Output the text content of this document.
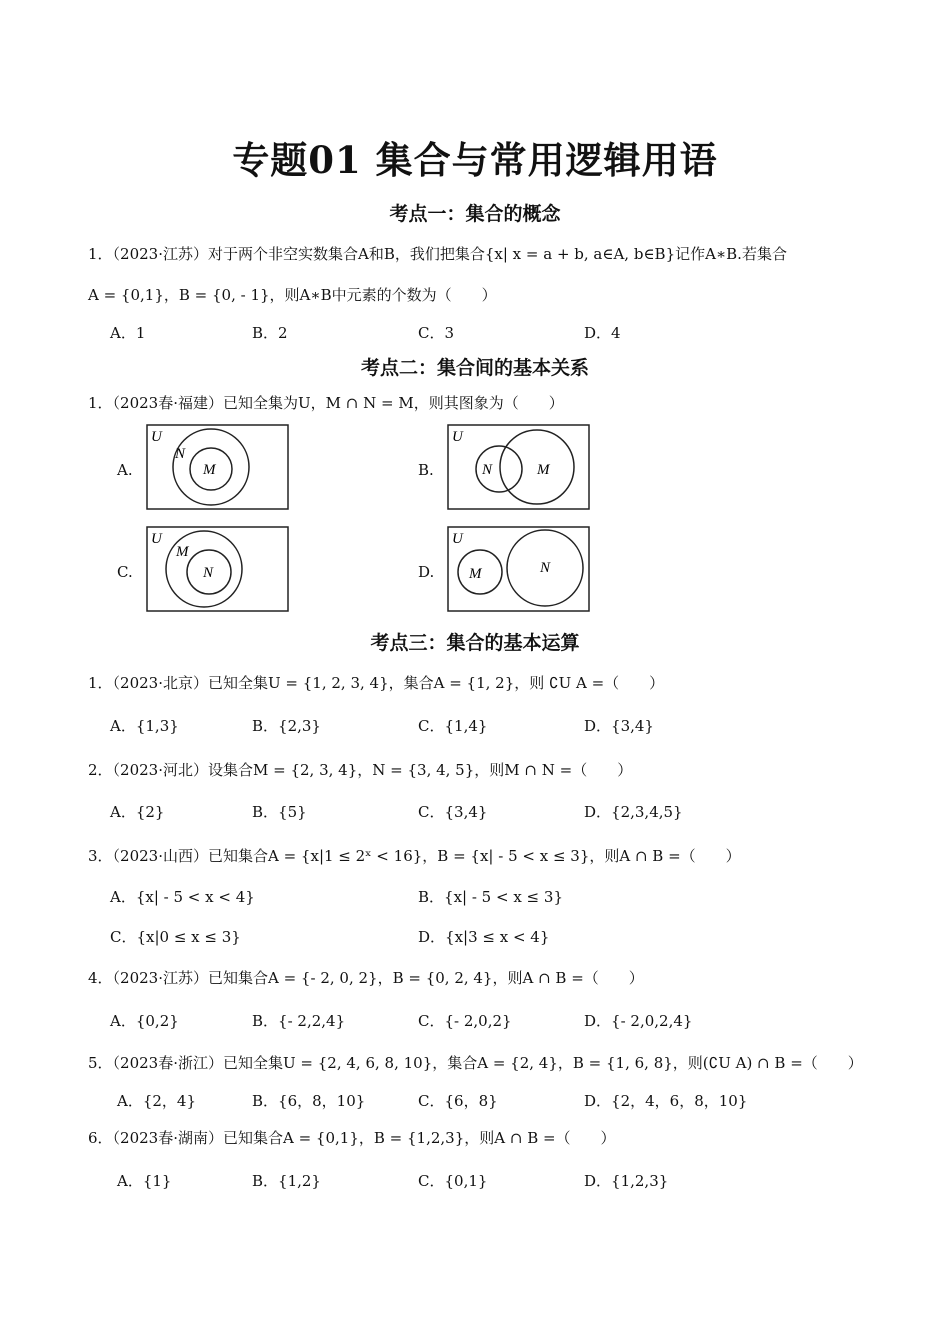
专题01 集合与常用逻辑用语
考点一：集合的概念
1．（2023·江苏）对于两个非空实数集合A和B，我们把集合{x| x = a + b, a∈A, b∈B}记作A∗B.若集合
A = {0,1}，B = {0, - 1}，则A∗B中元素的个数为（　　）
A．1	B．2	C．3	D．4
考点二：集合间的基本关系
1．（2023春·福建）已知全集为U，M ∩ N = M，则其图象为（　　）
A.
U
N
M	B.
U
N	M
C.
U
M
N	D.
U
M	N
考点三：集合的基本运算
1．（2023·北京）已知全集U = {1, 2, 3, 4}，集合A = {1, 2}，则 ∁U A =（　　）
A．{1,3}	B．{2,3}	C．{1,4}	D．{3,4}
2．（2023·河北）设集合M = {2, 3, 4}，N = {3, 4, 5}，则M ∩ N =（　　）
A．{2}	B．{5}	C．{3,4}	D．{2,3,4,5}
3．（2023·山西）已知集合A = {x|1 ≤ 2ˣ < 16}，B = {x| - 5 < x ≤ 3}，则A ∩ B =（　　）
A．{x| - 5 < x < 4}	B．{x| - 5 < x ≤ 3}
C．{x|0 ≤ x ≤ 3}	D．{x|3 ≤ x < 4}
4．（2023·江苏）已知集合A = {- 2, 0, 2}，B = {0, 2, 4}，则A ∩ B =（　　）
A．{0,2}	B．{- 2,2,4}	C．{- 2,0,2}	D．{- 2,0,2,4}
5．（2023春·浙江）已知全集U = {2, 4, 6, 8, 10}，集合A = {2, 4}，B = {1, 6, 8}，则(∁U A) ∩ B =（　　）
A．{2，4}	B．{6，8，10}	C．{6，8}	D．{2，4，6，8，10}
6．（2023春·湖南）已知集合A = {0,1}，B = {1,2,3}，则A ∩ B =（　　）
A．{1}	B．{1,2}	C．{0,1}	D．{1,2,3}
